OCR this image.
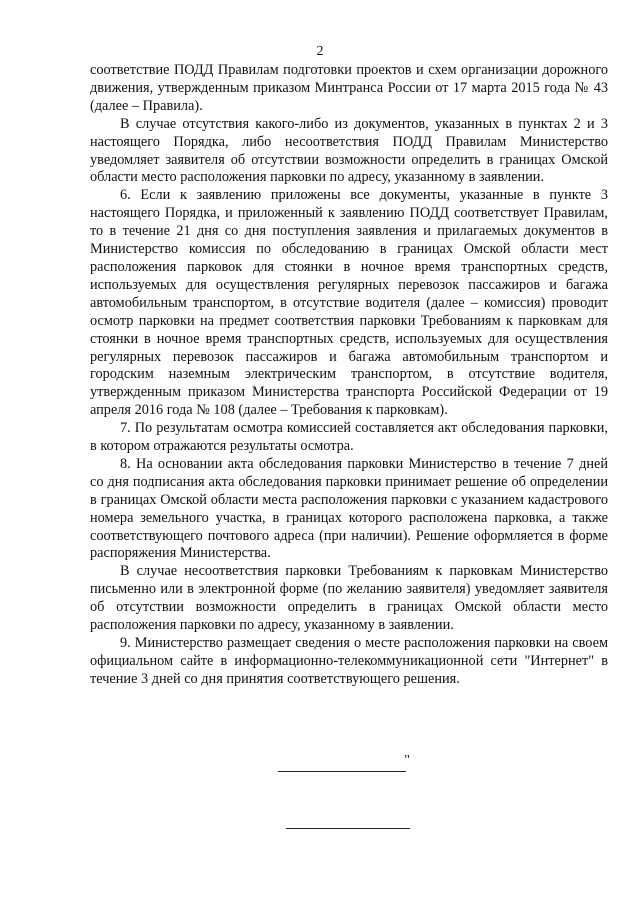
2

соответствие ПОДД Правилам подготовки проектов и схем организации дорожного движения, утвержденным приказом Минтранса России от 17 марта 2015 года № 43 (далее – Правила).

В случае отсутствия какого-либо из документов, указанных в пунктах 2 и 3 настоящего Порядка, либо несоответствия ПОДД Правилам Министерство уведомляет заявителя об отсутствии возможности определить в границах Омской области место расположения парковки по адресу, указанному в заявлении.

6. Если к заявлению приложены все документы, указанные в пункте 3 настоящего Порядка, и приложенный к заявлению ПОДД соответствует Правилам, то в течение 21 дня со дня поступления заявления и прилагаемых документов в Министерство комиссия по обследованию в границах Омской области мест расположения парковок для стоянки в ночное время транспортных средств, используемых для осуществления регулярных перевозок пассажиров и багажа автомобильным транспортом, в отсутствие водителя (далее – комиссия) проводит осмотр парковки на предмет соответствия парковки Требованиям к парковкам для стоянки в ночное время транспортных средств, используемых для осуществления регулярных перевозок пассажиров и багажа автомобильным транспортом и городским наземным электрическим транспортом, в отсутствие водителя, утвержденным приказом Министерства транспорта Российской Федерации от 19 апреля 2016 года № 108 (далее – Требования к парковкам).

7. По результатам осмотра комиссией составляется акт обследования парковки, в котором отражаются результаты осмотра.

8. На основании акта обследования парковки Министерство в течение 7 дней со дня подписания акта обследования парковки принимает решение об определении в границах Омской области места расположения парковки с указанием кадастрового номера земельного участка, в границах которого расположена парковка, а также соответствующего почтового адреса (при наличии). Решение оформляется в форме распоряжения Министерства.

В случае несоответствия парковки Требованиям к парковкам Министерство письменно или в электронной форме (по желанию заявителя) уведомляет заявителя об отсутствии возможности определить в границах Омской области место расположения парковки по адресу, указанному в заявлении.

9. Министерство размещает сведения о месте расположения парковки на своем официальном сайте в информационно-телекоммуникационной сети "Интернет" в течение 3 дней со дня принятия соответствующего решения.

"
